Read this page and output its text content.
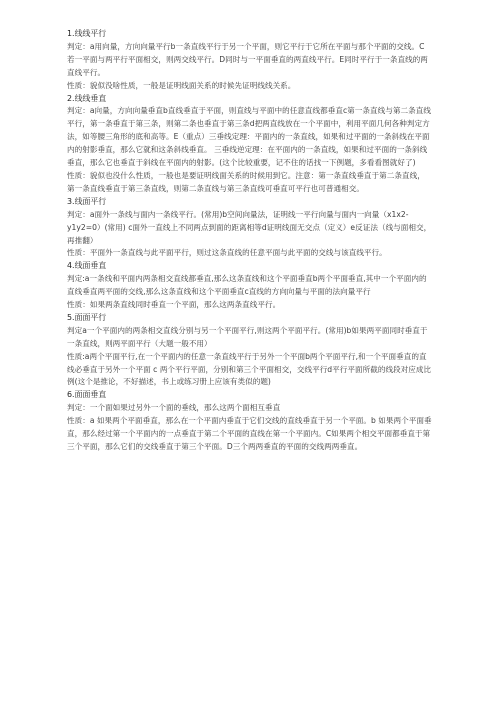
1.线线平行

判定：a用向量，方向向量平行b一条直线平行于另一个平面，则它平行于它所在平面与那个平面的交线。C若一平面与两平行平面相交，则两交线平行。D同时与一平面垂直的两直线平行。E同时平行于一条直线的两直线平行。

性质：貌似没啥性质，一般是证明线面关系的时候先证明线线关系。

2.线线垂直

判定：a向量，方向向量垂直b直线垂直于平面，则直线与平面中的任意直线都垂直c第一条直线与第二条直线平行，第一条垂直于第三条，则第二条也垂直于第三条d把两直线放在一个平面中，利用平面几何各种判定方法，如等腰三角形的底和高等。E（重点）三垂线定理：平面内的一条直线，如果和过平面的一条斜线在平面内的射影垂直，那么它就和这条斜线垂直。 三垂线逆定理：在平面内的一条直线，如果和过平面的一条斜线垂直，那么它也垂直于斜线在平面内的射影。(这个比较重要，记不住的话找一下例题，多看看图就好了)

性质：貌似也没什么性质，一般也是要证明线面关系的时候用到它。注意：第一条直线垂直于第二条直线，第一条直线垂直于第三条直线，则第二条直线与第三条直线可垂直可平行也可普通相交。

3.线面平行

判定：a面外一条线与面内一条线平行。(常用)b空间向量法，证明线一平行向量与面内一向量（x1x2-y1y2=0）(常用) c面外一直线上不同两点到面的距离相等d证明线面无交点（定义）e反证法（线与面相交，再推翻）

性质：平面外一条直线与此平面平行，则过这条直线的任意平面与此平面的交线与该直线平行。

4.线面垂直

判定:a一条线和平面内两条相交直线都垂直,那么这条直线和这个平面垂直b两个平面垂直,其中一个平面内的直线垂直两平面的交线,那么这条直线和这个平面垂直c直线的方向向量与平面的法向量平行

性质：如果两条直线同时垂直一个平面，那么这两条直线平行。

5.面面平行

判定a一个平面内的两条相交直线分别与另一个平面平行,则这两个平面平行。(常用)b如果两平面同时垂直于一条直线，则两平面平行（大题一般不用）

性质:a两个平面平行,在一个平面内的任意一条直线平行于另外一个平面b两个平面平行,和一个平面垂直的直线必垂直于另外一个平面 c 两个平行平面，分别和第三个平面相交，交线平行d平行平面所截的线段对应成比例(这个是推论，不好描述，书上或练习册上应该有类似的题)

6.面面垂直

判定：一个面如果过另外一个面的垂线，那么这两个面相互垂直

性质：a 如果两个平面垂直，那么在一个平面内垂直于它们交线的直线垂直于另一个平面。b 如果两个平面垂直，那么经过第一个平面内的一点垂直于第二个平面的直线在第一个平面内。C如果两个相交平面都垂直于第三个平面，那么它们的交线垂直于第三个平面。D三个两两垂直的平面的交线两两垂直。
